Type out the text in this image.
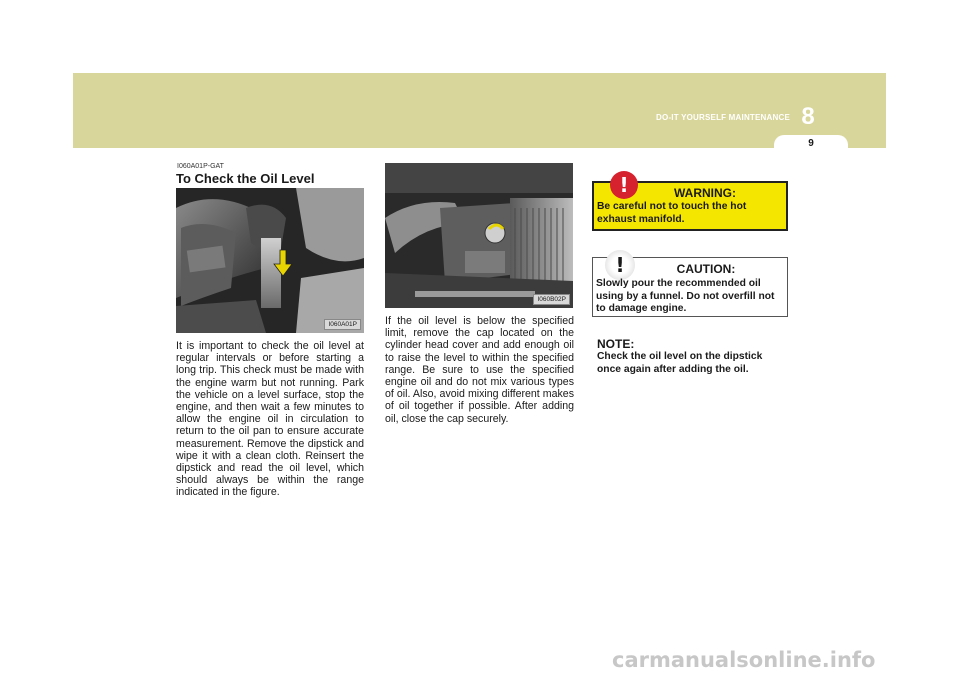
DO-IT YOURSELF MAINTENANCE 8
9
I060A01P-GAT
To Check the Oil Level
I060A01P

It is important to check the oil level at regular intervals or before starting a long trip. This check must be made with the engine warm but not running. Park the vehicle on a level surface, stop the engine, and then wait a few minutes to allow the engine oil in circulation to return to the oil pan to ensure accurate measurement. Remove the dipstick and wipe it with a clean cloth. Reinsert the dipstick and read the oil level, which should always be within the range indicated in the figure.

I060B02P

If the oil level is below the specified limit, remove the cap located on the cylinder head cover and add enough oil to raise the level to within the specified range. Be sure to use the specified engine oil and do not mix various types of oil. Also, avoid mixing different makes of oil together if possible. After adding oil, close the cap securely.

!	WARNING:
Be careful not to touch the hot exhaust manifold.
!	CAUTION:
Slowly pour the recommended oil using by a funnel. Do not overfill not to damage engine.
NOTE:

Check the oil level on the dipstick once again after adding the oil.

carmanualsonline.info
